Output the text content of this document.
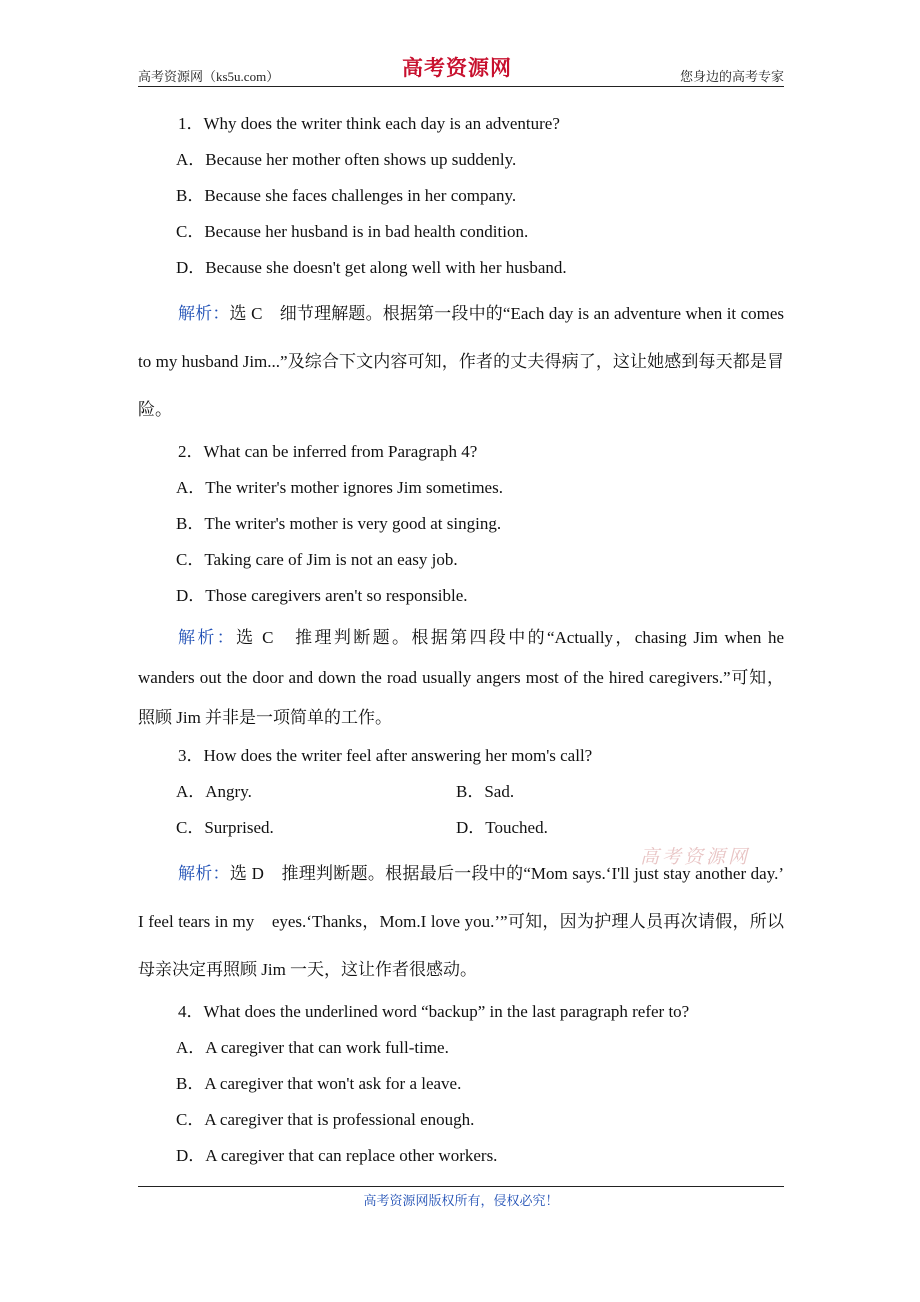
高考资源网（ks5u.com）	高考资源网	您身边的高考专家

1．Why does the writer think each day is an adventure?

A．Because her mother often shows up suddenly.

B．Because she faces challenges in her company.

C．Because her husband is in bad health condition.

D．Because she doesn't get along well with her husband.

解析：选 C　细节理解题。根据第一段中的“Each day is an adventure when it comes to my husband Jim...”及综合下文内容可知，作者的丈夫得病了，这让她感到每天都是冒险。

2．What can be inferred from Paragraph 4?

A．The writer's mother ignores Jim sometimes.

B．The writer's mother is very good at singing.

C．Taking care of Jim is not an easy job.

D．Those caregivers aren't so responsible.

解析：选 C　推理判断题。根据第四段中的“Actually，chasing Jim when he wanders out the door and down the road usually angers most of the hired caregivers.”可知，照顾 Jim 并非是一项简单的工作。

3．How does the writer feel after answering her mom's call?

A．Angry.	B．Sad.
C．Surprised.	D．Touched.

解析：选 D　推理判断题。根据最后一段中的“Mom says.‘I'll just stay another day.’ I feel tears in my　eyes.‘Thanks，Mom.I love you.’”可知，因为护理人员再次请假，所以母亲决定再照顾 Jim 一天，这让作者很感动。

4．What does the underlined word “backup” in the last paragraph refer to?

A．A caregiver that can work full-time.

B．A caregiver that won't ask for a leave.

C．A caregiver that is professional enough.

D．A caregiver that can replace other workers.

高考资源网
高考资源网版权所有，侵权必究！
